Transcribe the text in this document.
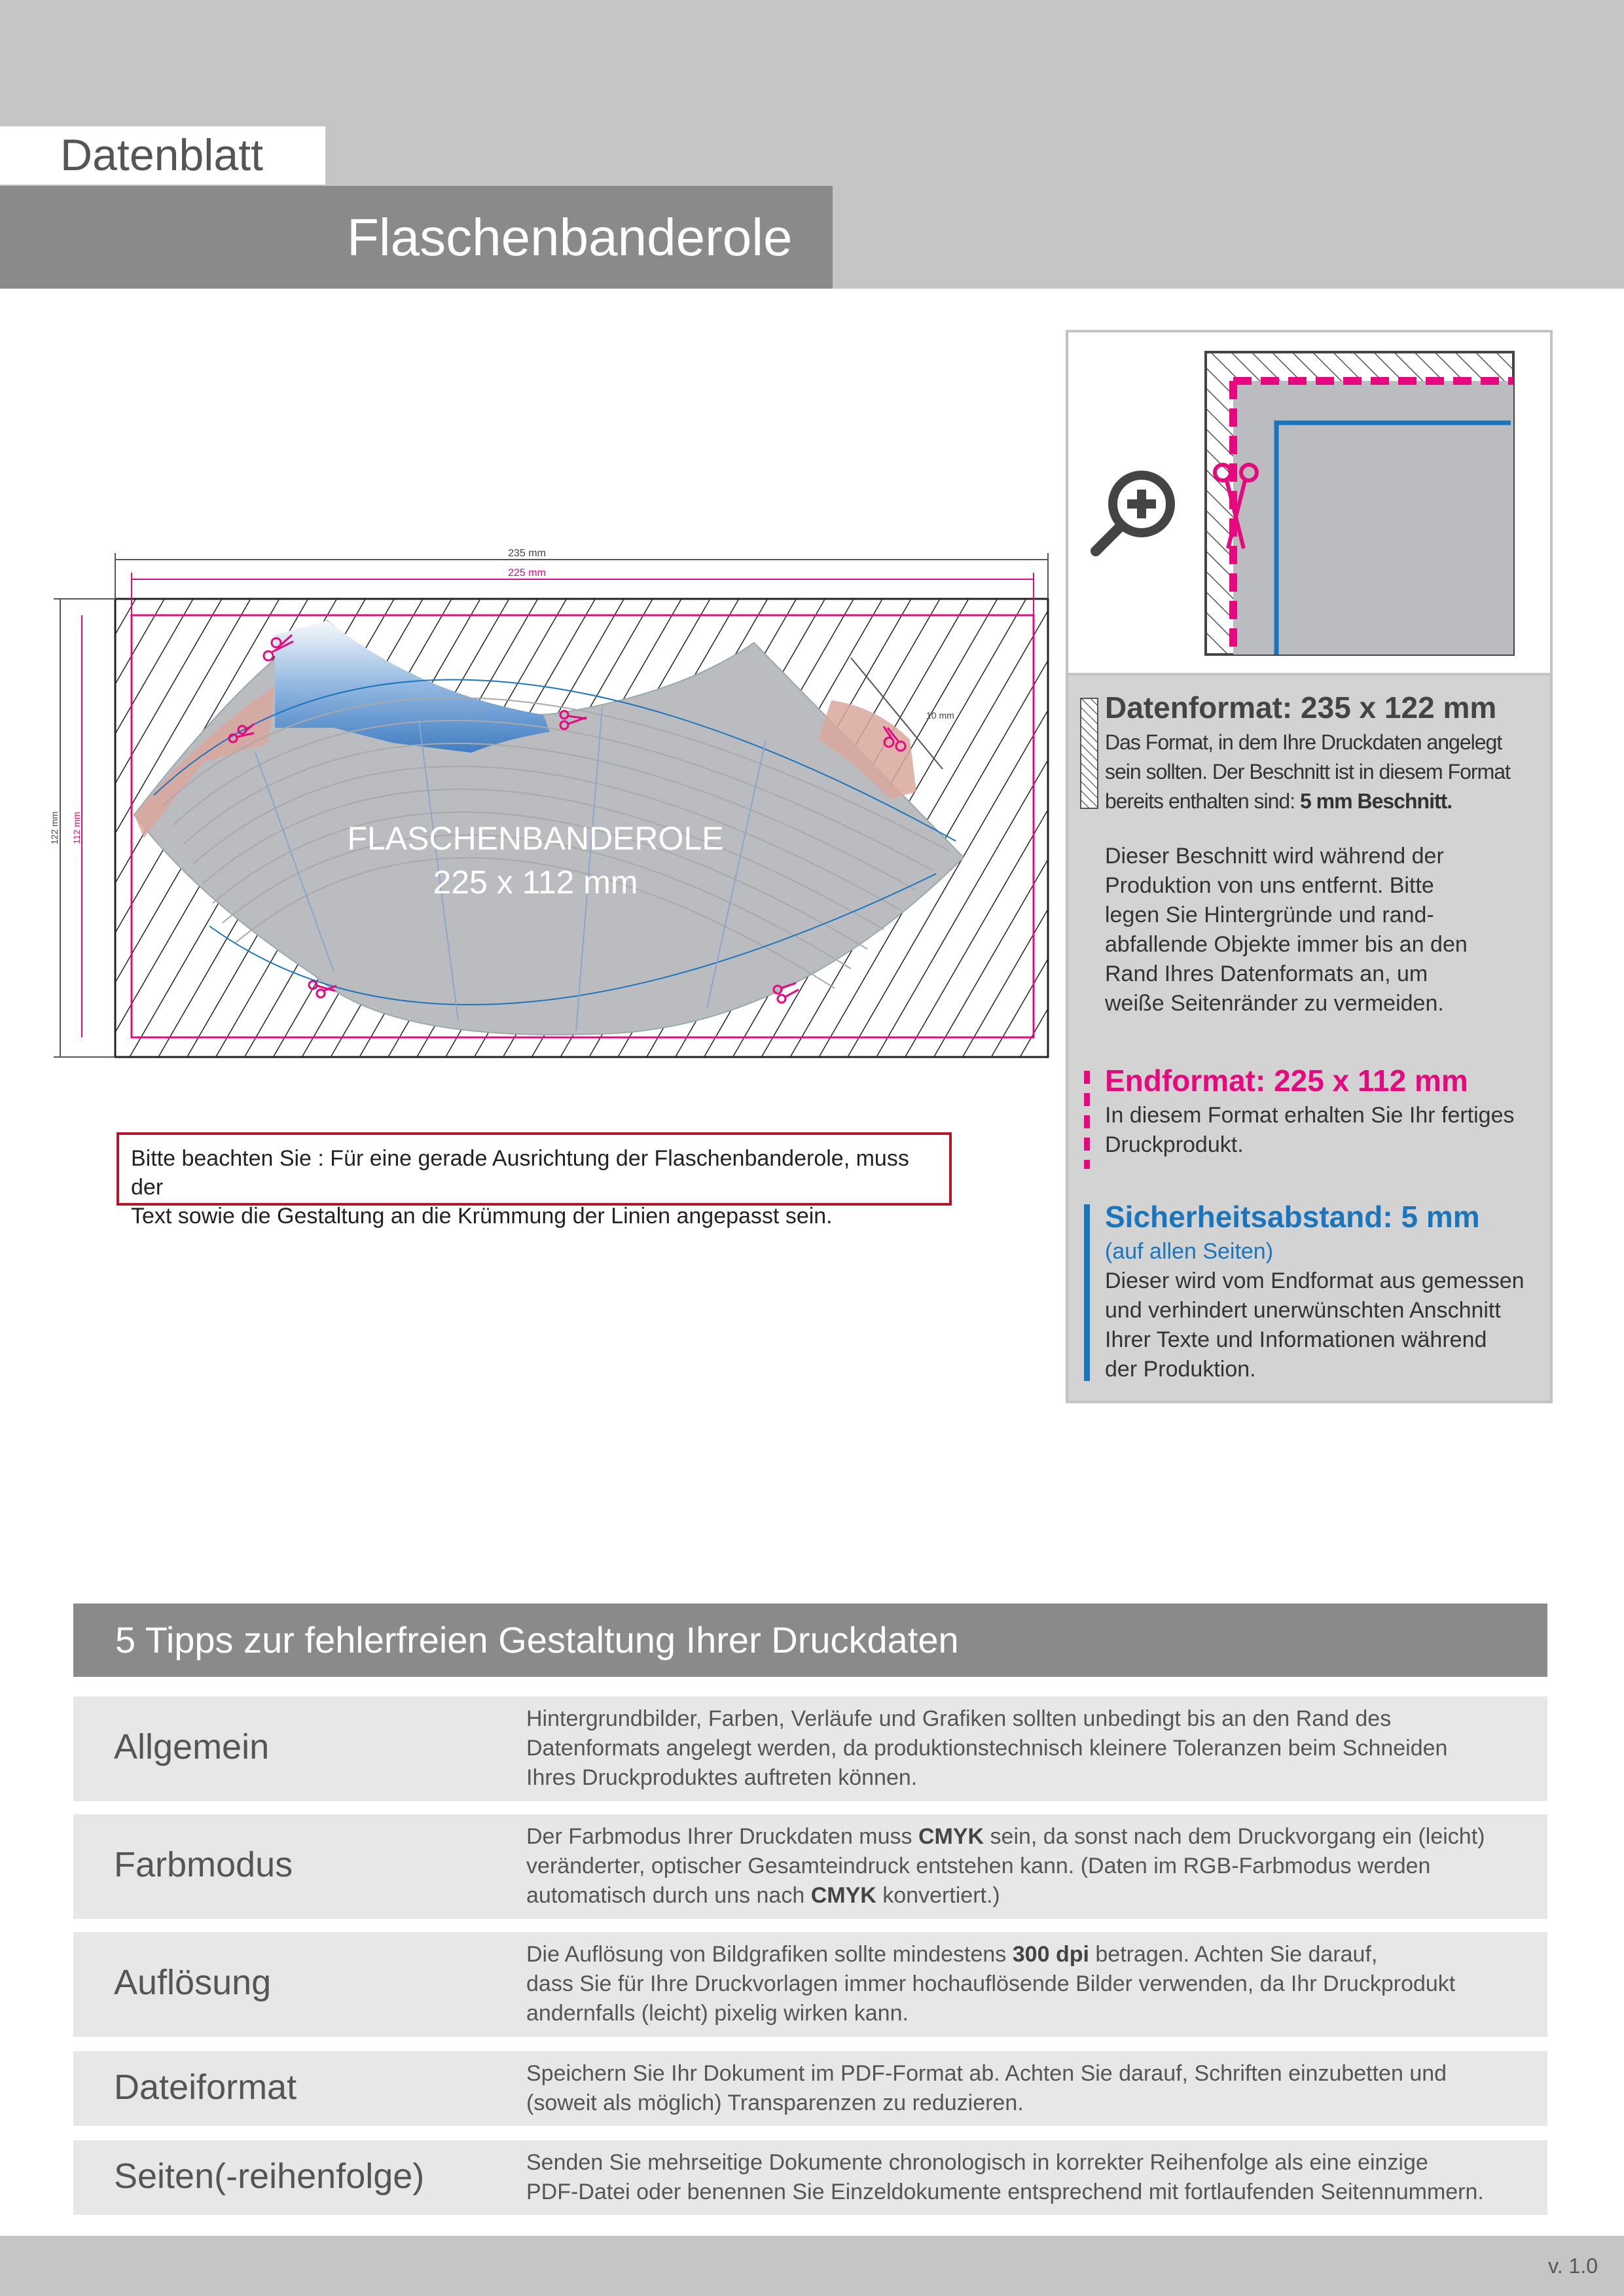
Datenblatt
Flaschenbanderole
235 mm
225 mm
122 mm 112 mm
10 mm
FLASCHENBANDEROLE
225 x 112 mm
Bitte beachten Sie : Für eine gerade Ausrichtung der Flaschenbanderole, muss der
Text sowie die Gestaltung an die Krümmung der Linien angepasst sein.
Datenformat: 235 x 122 mm
Das Format, in dem Ihre Druckdaten angelegt
sein sollten. Der Beschnitt ist in diesem Format
bereits enthalten sind: 5 mm Beschnitt.
Dieser Beschnitt wird während der
Produktion von uns entfernt. Bitte
legen Sie Hintergründe und rand-
abfallende Objekte immer bis an den
Rand Ihres Datenformats an, um
weiße Seitenränder zu vermeiden.
Endformat: 225 x 112 mm
In diesem Format erhalten Sie Ihr fertiges
Druckprodukt.
Sicherheitsabstand: 5 mm
(auf allen Seiten)
Dieser wird vom Endformat aus gemessen
und verhindert unerwünschten Anschnitt
Ihrer Texte und Informationen während
der Produktion.
5 Tipps zur fehlerfreien Gestaltung Ihrer Druckdaten
Allgemein
Hintergrundbilder, Farben, Verläufe und Grafiken sollten unbedingt bis an den Rand des
Datenformats angelegt werden, da produktionstechnisch kleinere Toleranzen beim Schneiden
Ihres Druckproduktes auftreten können.
Farbmodus
Der Farbmodus Ihrer Druckdaten muss CMYK sein, da sonst nach dem Druckvorgang ein (leicht)
veränderter, optischer Gesamteindruck entstehen kann. (Daten im RGB-Farbmodus werden
automatisch durch uns nach CMYK konvertiert.)
Auflösung
Die Auflösung von Bildgrafiken sollte mindestens 300 dpi betragen. Achten Sie darauf,
dass Sie für Ihre Druckvorlagen immer hochauflösende Bilder verwenden, da Ihr Druckprodukt
andernfalls (leicht) pixelig wirken kann.
Dateiformat	Speichern Sie Ihr Dokument im PDF-Format ab. Achten Sie darauf, Schriften einzubetten und
(soweit als möglich) Transparenzen zu reduzieren.
Seiten(-reihenfolge)	Senden Sie mehrseitige Dokumente chronologisch in korrekter Reihenfolge als eine einzige
PDF-Datei oder benennen Sie Einzeldokumente entsprechend mit fortlaufenden Seitennummern.
v. 1.0
